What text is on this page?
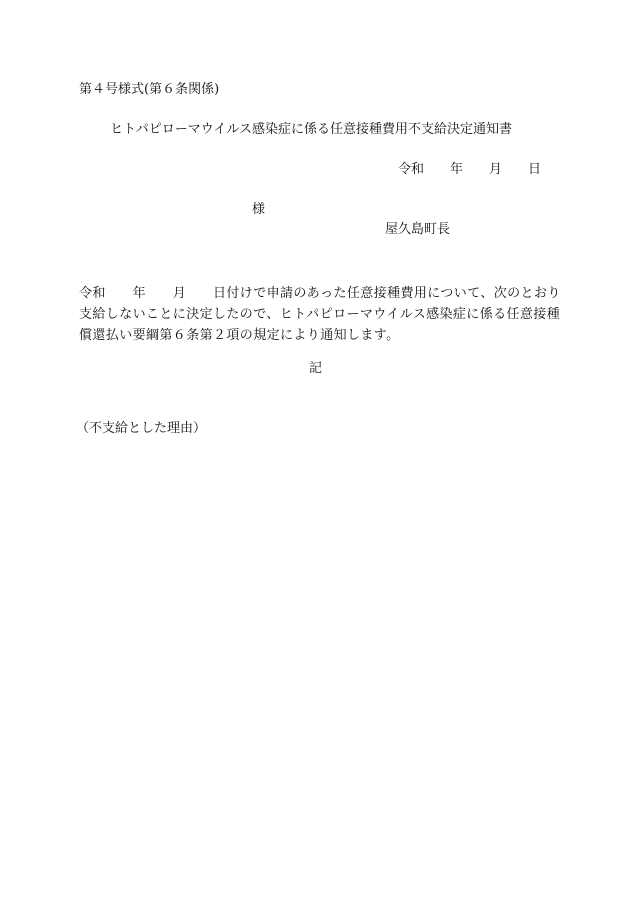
第４号様式(第６条関係)
ヒトパピローマウイルス感染症に係る任意接種費用不支給決定通知書
令和　　年　　月　　日
様
屋久島町長
令和　　年　　月　　日付けで申請のあった任意接種費用について、次のとおり
支給しないことに決定したので、ヒトパピローマウイルス感染症に係る任意接種
償還払い要綱第６条第２項の規定により通知します。
記
（不支給とした理由）
